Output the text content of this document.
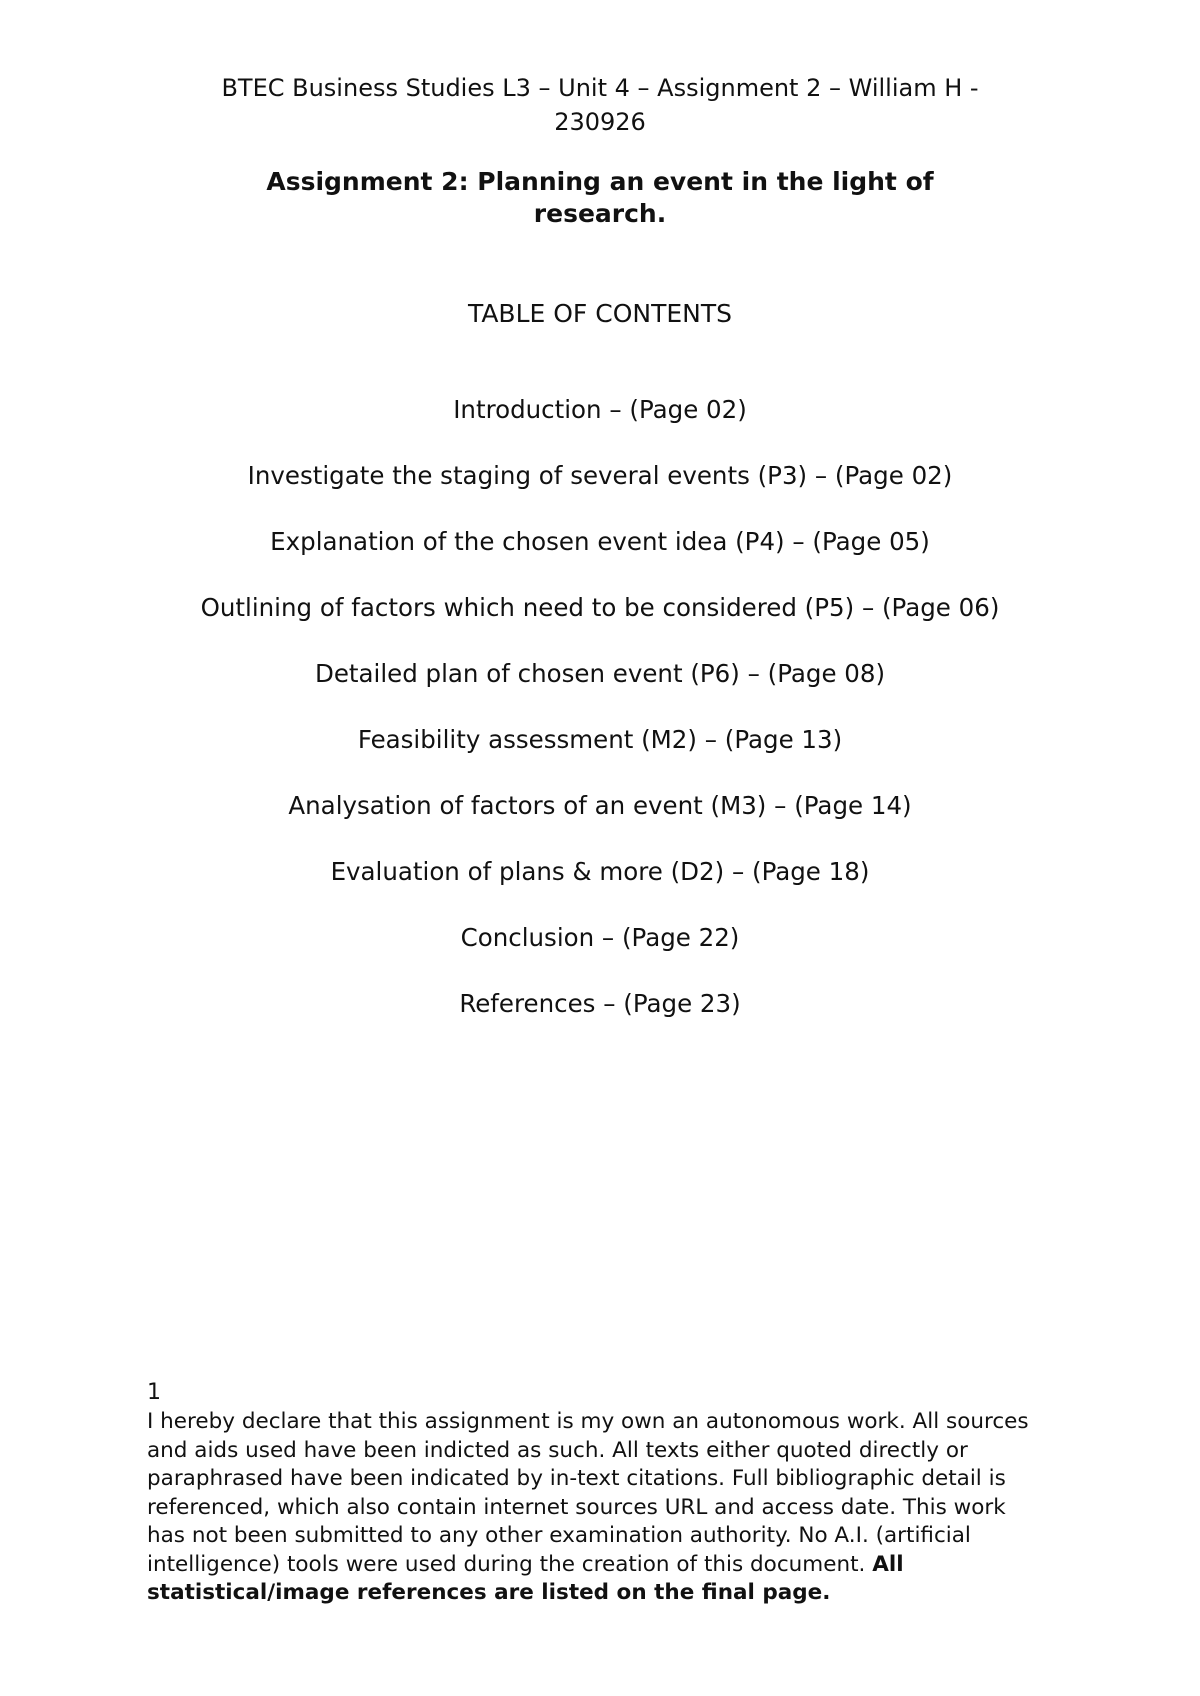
BTEC Business Studies L3 – Unit 4 – Assignment 2 – William H -

230926

Assignment 2: Planning an event in the light of

research.

TABLE OF CONTENTS

Introduction – (Page 02)
Investigate the staging of several events (P3) – (Page 02)
Explanation of the chosen event idea (P4) – (Page 05)
Outlining of factors which need to be considered (P5) – (Page 06)
Detailed plan of chosen event (P6) – (Page 08)
Feasibility assessment (M2) – (Page 13)
Analysation of factors of an event (M3) – (Page 14)
Evaluation of plans & more (D2) – (Page 18)
Conclusion – (Page 22)
References – (Page 23)
1
I hereby declare that this assignment is my own an autonomous work. All sources and aids used have been indicted as such. All texts either quoted directly or paraphrased have been indicated by in-text citations. Full bibliographic detail is referenced, which also contain internet sources URL and access date. This work has not been submitted to any other examination authority. No A.I. (artificial intelligence) tools were used during the creation of this document. All statistical/image references are listed on the final page.
